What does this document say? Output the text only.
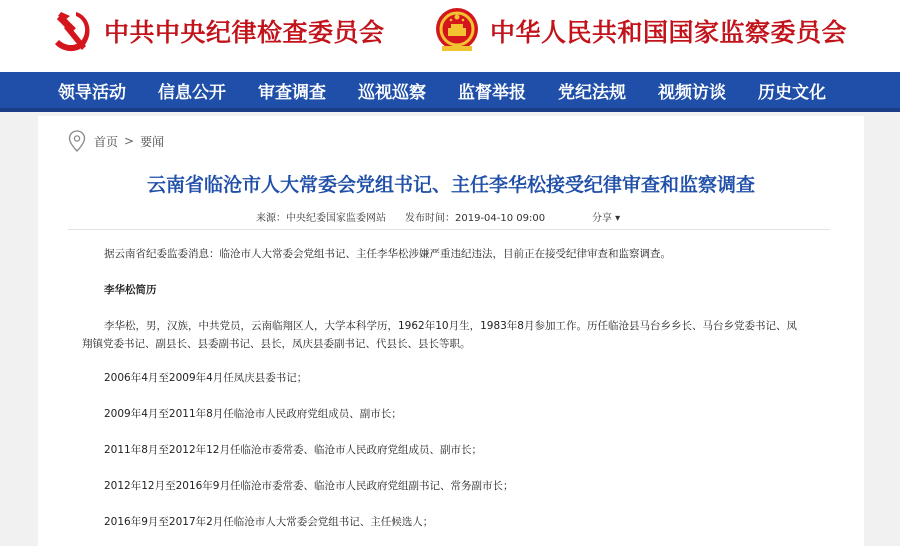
中共中央纪律检查委员会	中华人民共和国国家监察委员会
领导活动 信息公开 审查调查 巡视巡察 监督举报 党纪法规 视频访谈 历史文化
首页 > 要闻
云南省临沧市人大常委会党组书记、主任李华松接受纪律审查和监察调查
来源：中央纪委国家监委网站 发布时间：2019-04-10 09:00	分享 ▾
据云南省纪委监委消息：临沧市人大常委会党组书记、主任李华松涉嫌严重违纪违法，目前正在接受纪律审查和监察调查。
李华松简历
李华松，男，汉族，中共党员，云南临翔区人，大学本科学历，1962年10月生，1983年8月参加工作。历任临沧县马台乡乡长、马台乡党委书记、凤翔镇党委书记、副县长、县委副书记、县长，凤庆县委副书记、代县长、县长等职。
2006年4月至2009年4月任凤庆县委书记；
2009年4月至2011年8月任临沧市人民政府党组成员、副市长；
2011年8月至2012年12月任临沧市委常委、临沧市人民政府党组成员、副市长；
2012年12月至2016年9月任临沧市委常委、临沧市人民政府党组副书记、常务副市长；
2016年9月至2017年2月任临沧市人大常委会党组书记、主任候选人；
